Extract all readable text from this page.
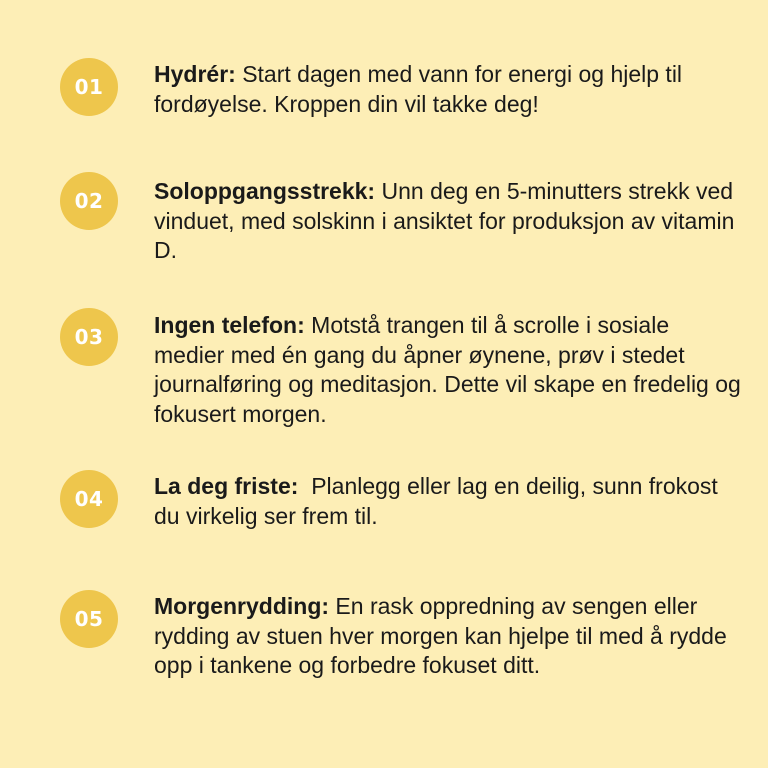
01	Hydrér: Start dagen med vann for energi og hjelp til fordøyelse. Kroppen din vil takke deg!
02	Soloppgangsstrekk: Unn deg en 5-minutters strekk ved vinduet, med solskinn i ansiktet for produksjon av vitamin D.
03	Ingen telefon: Motstå trangen til å scrolle i sosiale medier med én gang du åpner øynene, prøv i stedet journalføring og meditasjon. Dette vil skape en fredelig og fokusert morgen.
04	La deg friste:  Planlegg eller lag en deilig, sunn frokost du virkelig ser frem til.
05	Morgenrydding: En rask oppredning av sengen eller rydding av stuen hver morgen kan hjelpe til med å rydde opp i tankene og forbedre fokuset ditt.
